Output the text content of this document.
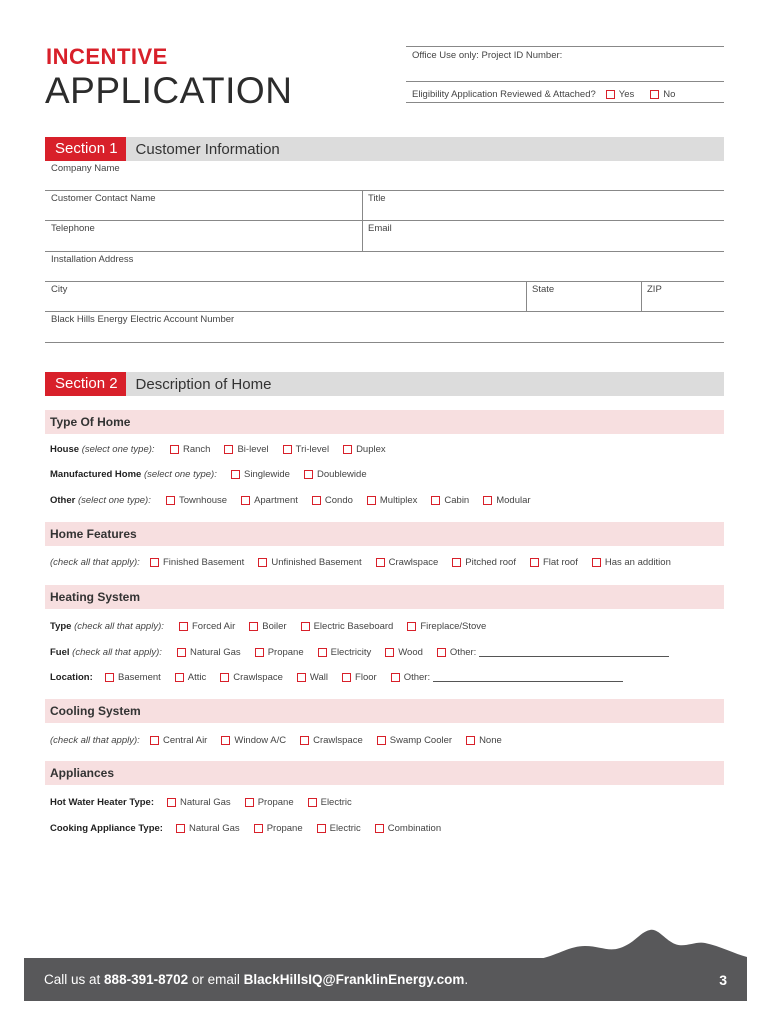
INCENTIVE
APPLICATION
Office Use only: Project ID Number:
Eligibility Application Reviewed & Attached? Yes	No
Section 1	Customer Information
Company Name
Customer Contact Name	Title
Telephone	Email
Installation Address
City	State	ZIP
Black Hills Energy Electric Account Number
Section 2	Description of Home
Type Of Home
House (select one type):	Ranch	Bi-level	Tri-level	Duplex
Manufactured Home (select one type):	Singlewide	Doublewide
Other (select one type):	Townhouse	Apartment	Condo	Multiplex	Cabin	Modular
Home Features
(check all that apply):	Finished Basement	Unfinished Basement	Crawlspace	Pitched roof	Flat roof	Has an addition
Heating System
Type (check all that apply):	Forced Air	Boiler	Electric Baseboard	Fireplace/Stove
Fuel (check all that apply):	Natural Gas	Propane	Electricity	Wood	Other:
Location:	Basement	Attic	Crawlspace	Wall	Floor	Other:
Cooling System
(check all that apply):	Central Air	Window A/C	Crawlspace	Swamp Cooler	None
Appliances
Hot Water Heater Type:	Natural Gas	Propane	Electric
Cooking Appliance Type:	Natural Gas	Propane	Electric	Combination
Call us at 888-391-8702 or email BlackHillsIQ@FranklinEnergy.com.	3
